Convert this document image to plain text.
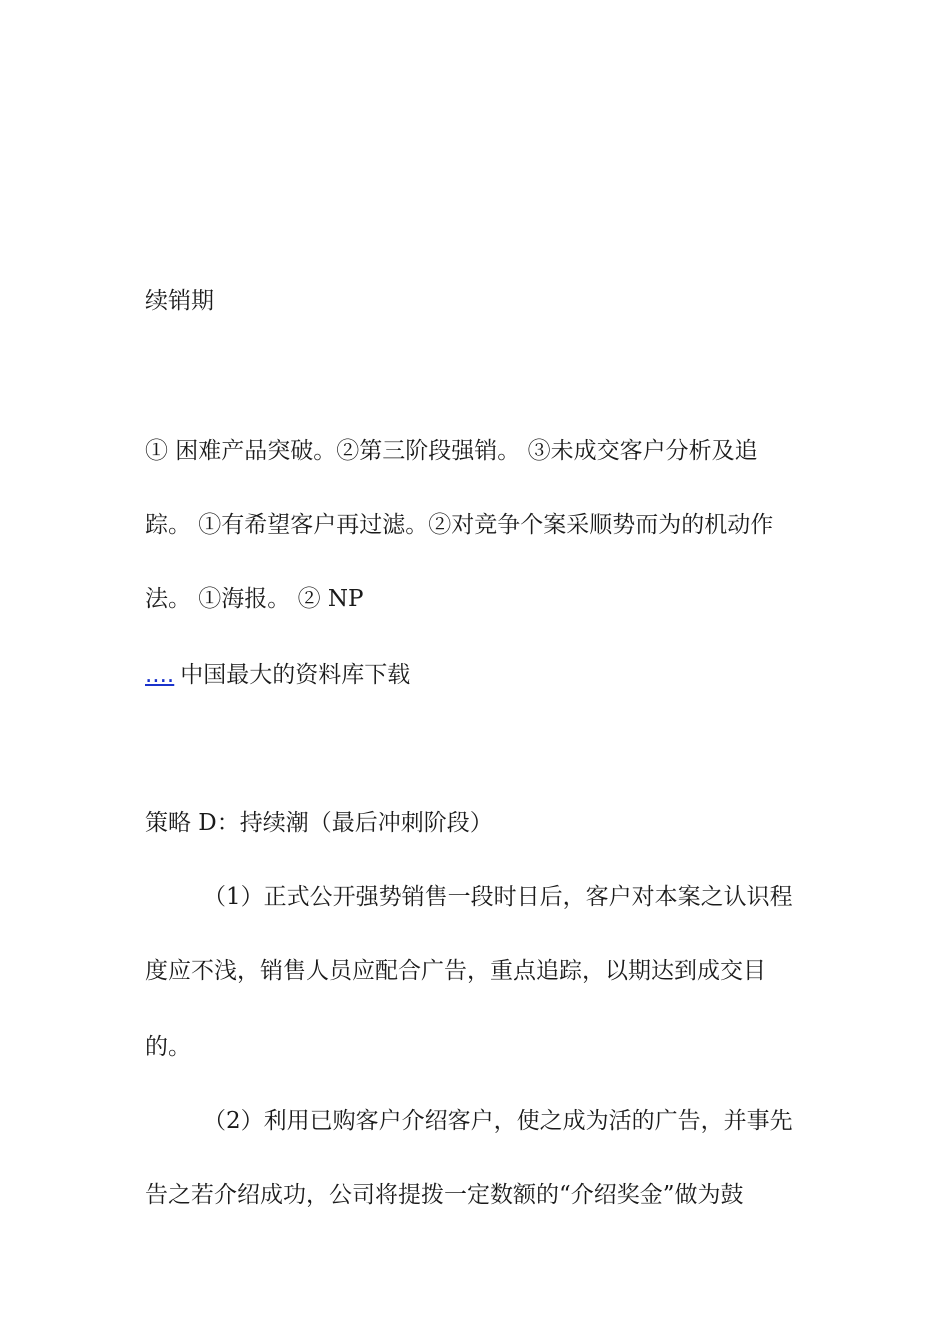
续销期
① 困难产品突破。②第三阶段强销。 ③未成交客户分析及追
踪。 ①有希望客户再过滤。②对竞争个案采顺势而为的机动作
法。 ①海报。 ② NP
.... 中国最大的资料库下载
策略 D：持续潮（最后冲刺阶段）
（1）正式公开强势销售一段时日后，客户对本案之认识程
度应不浅，销售人员应配合广告，重点追踪，以期达到成交目
的。
（2）利用已购客户介绍客户，使之成为活的广告，并事先
告之若介绍成功，公司将提拨一定数额的“介绍奖金”做为鼓
